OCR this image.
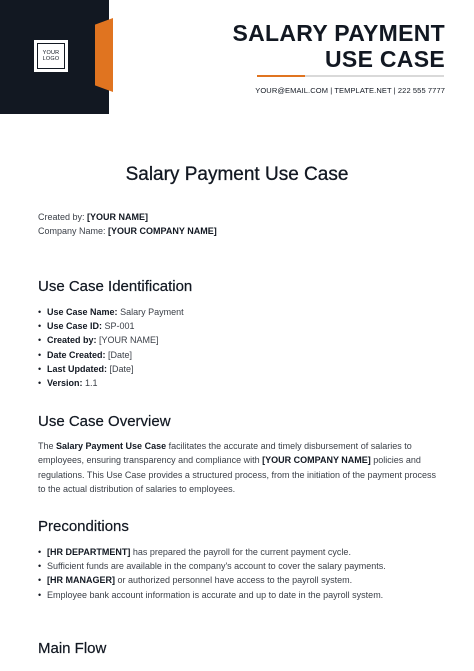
YOUR
LOGO
SALARY PAYMENT
USE CASE
YOUR@EMAIL.COM | TEMPLATE.NET | 222 555 7777
Salary Payment Use Case
Created by: [YOUR NAME]
Company Name: [YOUR COMPANY NAME]
Use Case Identification
• Use Case Name: Salary Payment
• Use Case ID: SP-001
• Created by: [YOUR NAME]
• Date Created: [Date]
• Last Updated: [Date]
• Version: 1.1
Use Case Overview
The Salary Payment Use Case facilitates the accurate and timely disbursement of salaries to employees, ensuring transparency and compliance with [YOUR COMPANY NAME] policies and regulations. This Use Case provides a structured process, from the initiation of the payment process to the actual distribution of salaries to employees.
Preconditions
• [HR DEPARTMENT] has prepared the payroll for the current payment cycle.
• Sufficient funds are available in the company's account to cover the salary payments.
• [HR MANAGER] or authorized personnel have access to the payroll system.
• Employee bank account information is accurate and up to date in the payroll system.
Main Flow
